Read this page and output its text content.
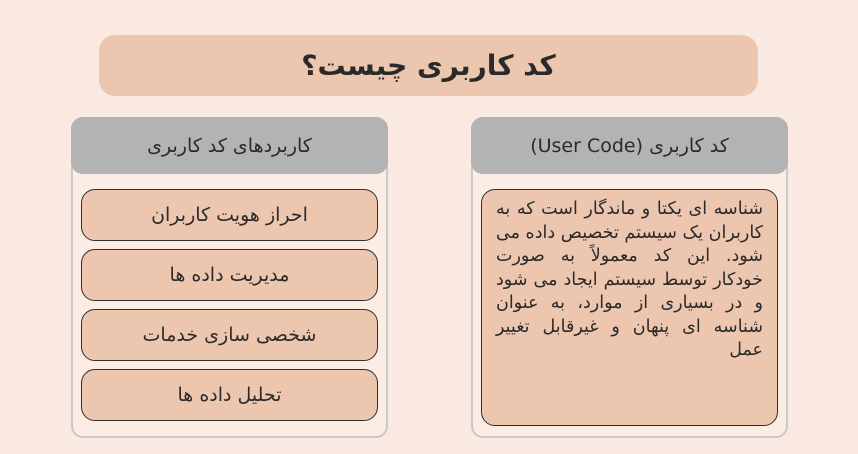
کد کاربری چیست؟
کاربردهای کد کاربری
احراز هویت کاربران
مدیریت داده ها
شخصی سازی خدمات
تحلیل داده ها
کد کاربری (User Code)

شناسه ای یکتا و ماندگار است که به کاربران یک سیستم تخصیص داده می شود. این کد معمولاً به صورت خودکار توسط سیستم ایجاد می شود و در بسیاری از موارد، به عنوان شناسه ای پنهان و غیرقابل تغییر عمل
